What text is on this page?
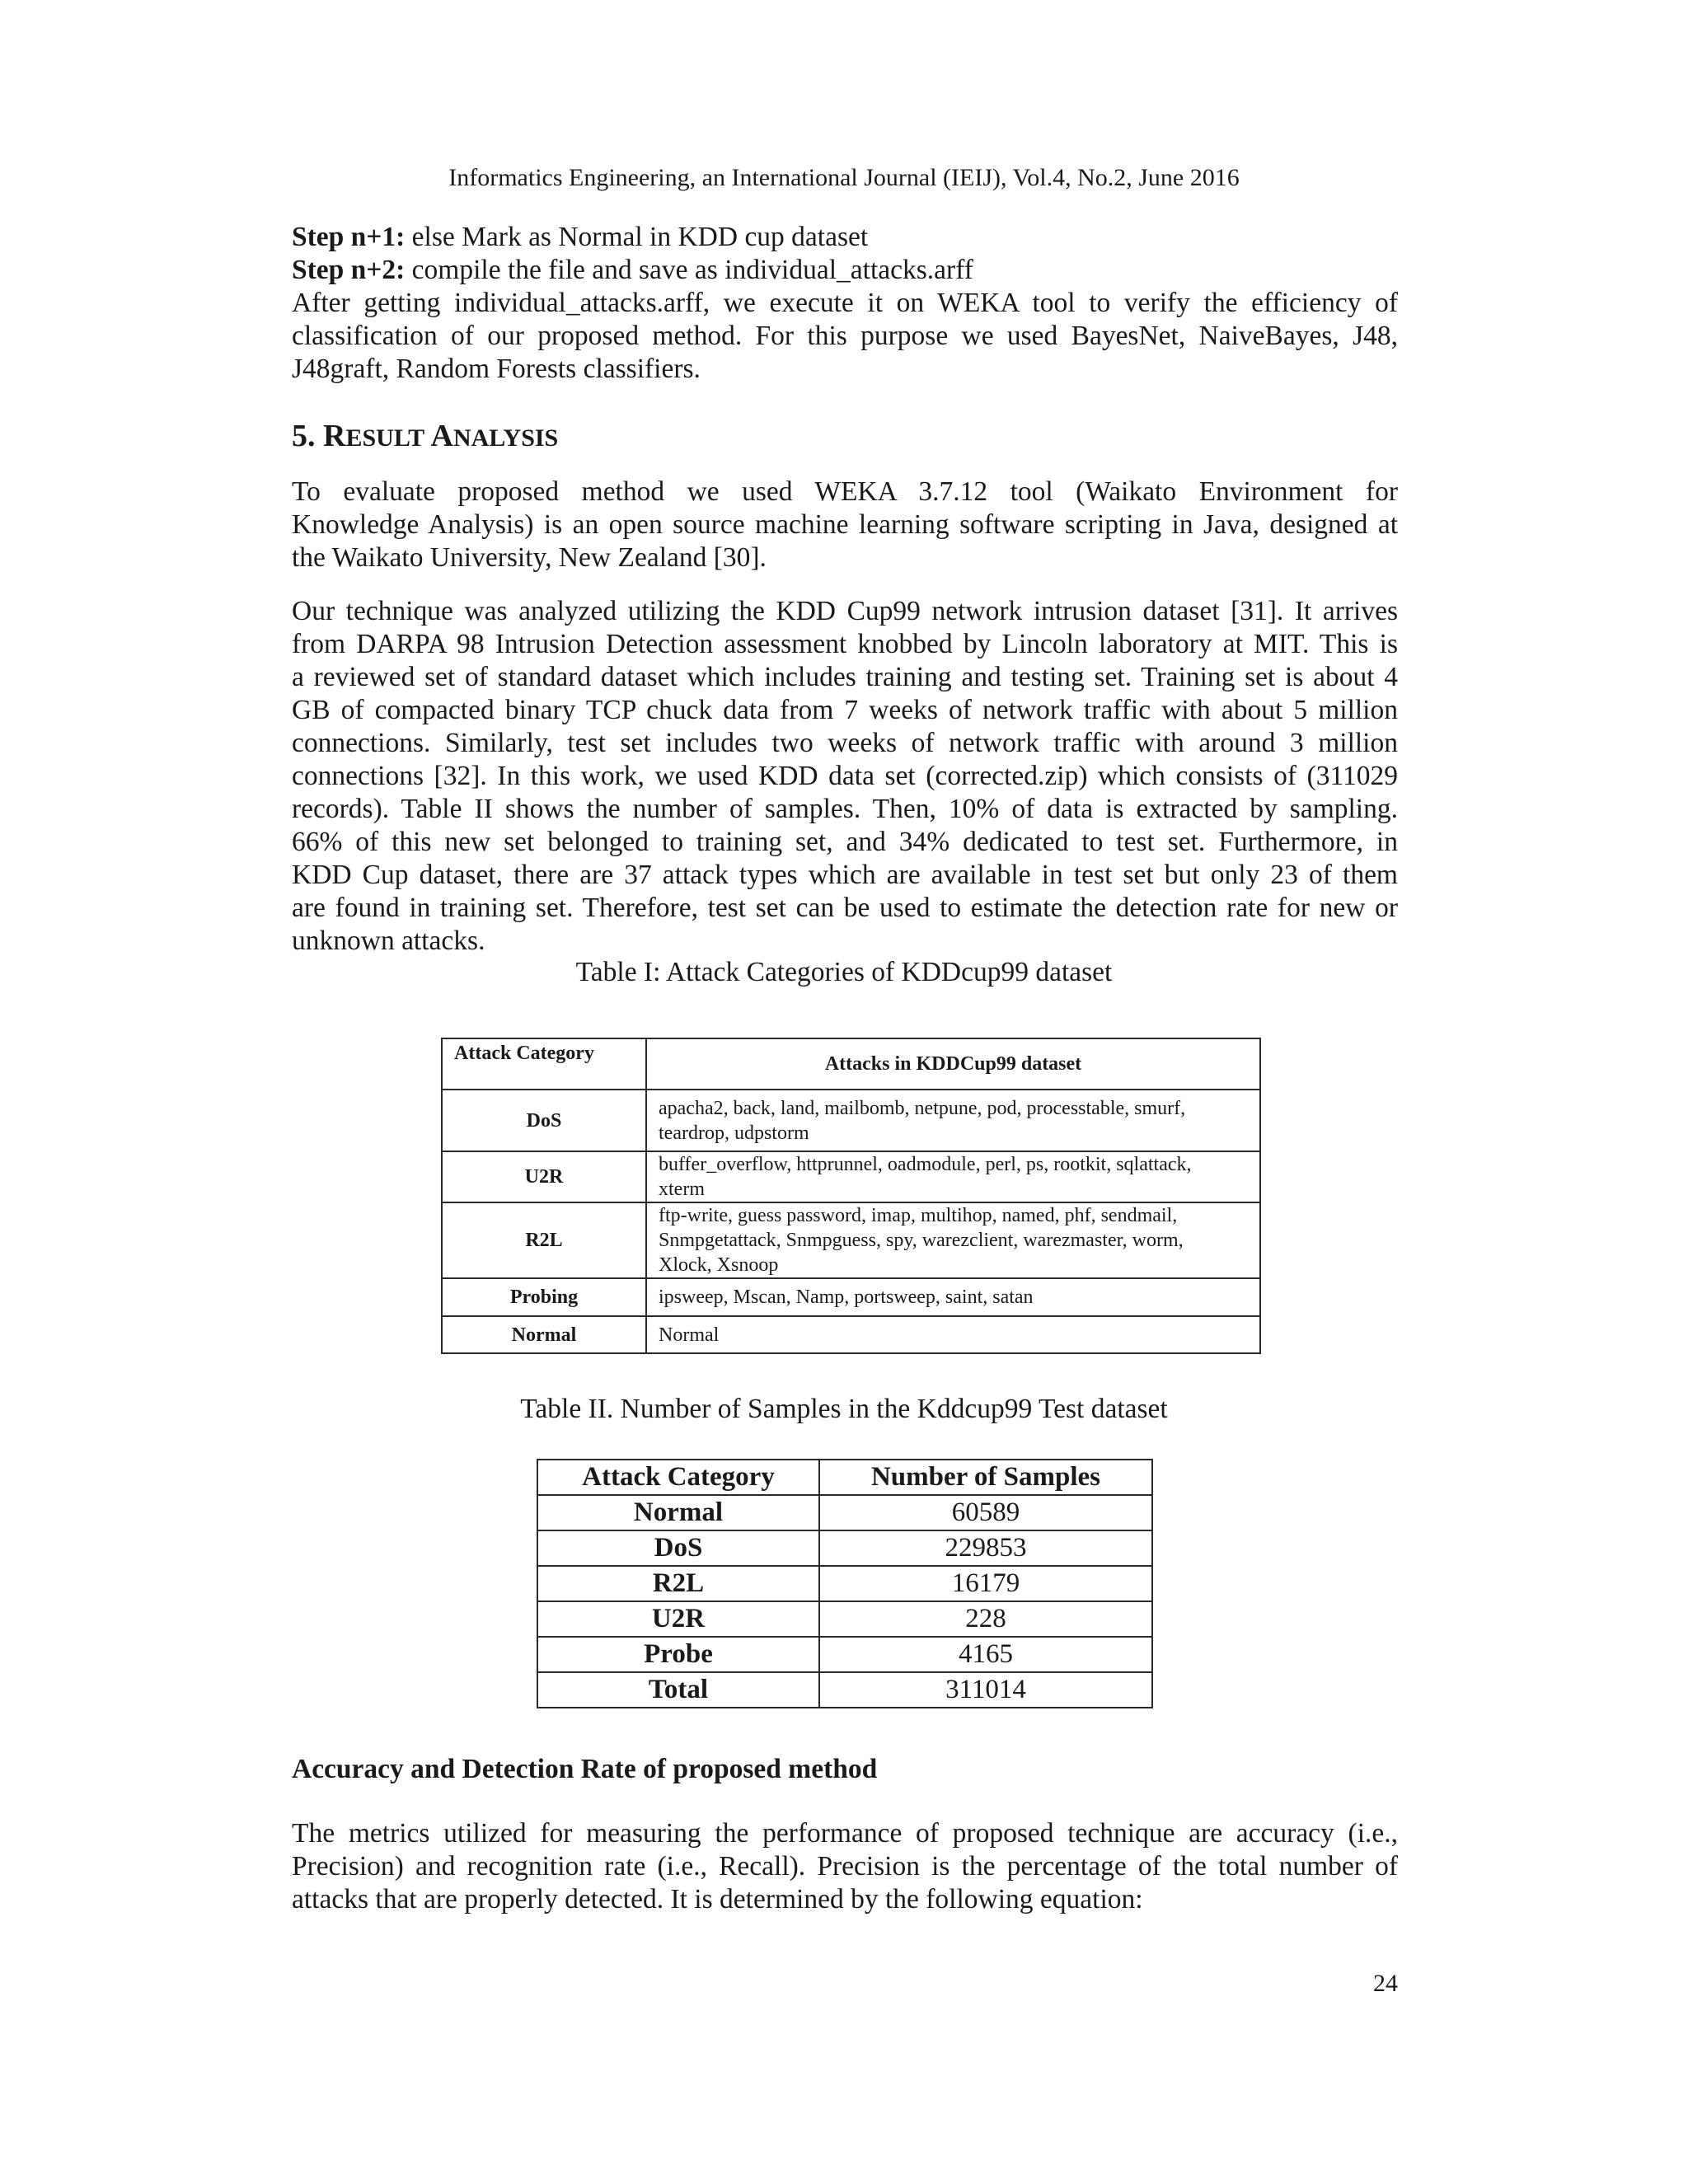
Informatics Engineering, an International Journal (IEIJ), Vol.4, No.2, June 2016
Step n+1: else Mark as Normal in KDD cup dataset
Step n+2: compile the file and save as individual_attacks.arff
After getting individual_attacks.arff, we execute it on WEKA tool to verify the efficiency of
classification of our proposed method. For this purpose we used BayesNet, NaiveBayes, J48,
J48graft, Random Forests classifiers.
5. RESULT ANALYSIS
To evaluate proposed method we used WEKA 3.7.12 tool (Waikato Environment for
Knowledge Analysis) is an open source machine learning software scripting in Java, designed at
the Waikato University, New Zealand [30].
Our technique was analyzed utilizing the KDD Cup99 network intrusion dataset [31]. It arrives
from DARPA 98 Intrusion Detection assessment knobbed by Lincoln laboratory at MIT. This is
a reviewed set of standard dataset which includes training and testing set. Training set is about 4
GB of compacted binary TCP chuck data from 7 weeks of network traffic with about 5 million
connections. Similarly, test set includes two weeks of network traffic with around 3 million
connections [32]. In this work, we used KDD data set (corrected.zip) which consists of (311029
records). Table II shows the number of samples. Then, 10% of data is extracted by sampling.
66% of this new set belonged to training set, and 34% dedicated to test set. Furthermore, in
KDD Cup dataset, there are 37 attack types which are available in test set but only 23 of them
are found in training set. Therefore, test set can be used to estimate the detection rate for new or
unknown attacks.
Table I: Attack Categories of KDDcup99 dataset
Attack Category	Attacks in KDDCup99 dataset
DoS	apacha2, back, land, mailbomb, netpune, pod, processtable, smurf,
teardrop, udpstorm

U2R	buffer_overflow, httprunnel, oadmodule, perl, ps, rootkit, sqlattack,
xterm

R2L	ftp-write, guess password, imap, multihop, named, phf, sendmail,
Snmpgetattack, Snmpguess, spy, warezclient, warezmaster, worm,
Xlock, Xsnoop

Probing	ipsweep, Mscan, Namp, portsweep, saint, satan

Normal	Normal
Table II. Number of Samples in the Kddcup99 Test dataset
Attack Category	Number of Samples
Normal	60589
DoS	229853
R2L	16179
U2R	228
Probe	4165
Total	311014
Accuracy and Detection Rate of proposed method
The metrics utilized for measuring the performance of proposed technique are accuracy (i.e.,
Precision) and recognition rate (i.e., Recall). Precision is the percentage of the total number of
attacks that are properly detected. It is determined by the following equation:
24
